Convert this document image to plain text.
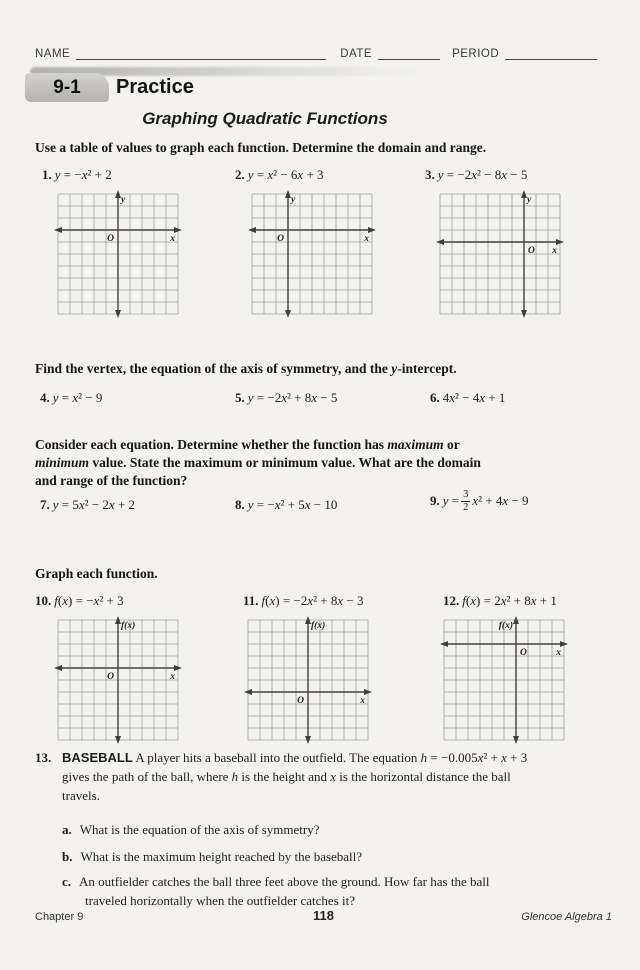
NAME	DATE	PERIOD
9-1	Practice
Graphing Quadratic Functions
Use a table of values to graph each function. Determine the domain and range.
1. y = −x² + 2	2. y = x² − 6x + 3	3. y = −2x² − 8x − 5
y
O	x
y
O	x
y
O x
Find the vertex, the equation of the axis of symmetry, and the y-intercept.
4. y = x² − 9	5. y = −2x² + 8x − 5	6. 4x² − 4x + 1
Consider each equation. Determine whether the function has maximum or
minimum value. State the maximum or minimum value. What are the domain
and range of the function?
7. y = 5x² − 2x + 2	8. y = −x² + 5x − 10	9. $y = \frac{3}{2} x^2 + 4x - 9$
Graph each function.
10. f(x) = −x² + 3	11. f(x) = −2x² + 8x − 3	12. f(x) = 2x² + 8x + 1
f(x)
O	x
f(x)
O	x
f(x)
O	x
13. BASEBALL A player hits a baseball into the outfield. The equation h = −0.005x² + x + 3
gives the path of the ball, where h is the height and x is the horizontal distance the ball
travels.
a. What is the equation of the axis of symmetry?
b. What is the maximum height reached by the baseball?
c. An outfielder catches the ball three feet above the ground. How far has the ball
traveled horizontally when the outfielder catches it?
Chapter 9	118	Glencoe Algebra 1
